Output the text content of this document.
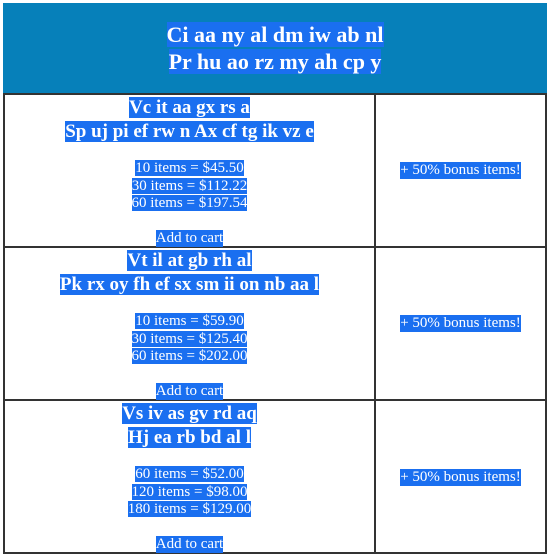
Ci aa ny al dm iw ab nl
Pr hu ao rz my ah cp y
Vc it aa gx rs a
Sp uj pi ef rw n Ax cf tg ik vz e
10 items = $45.50
30 items = $112.22
60 items = $197.54
Add to cart
+ 50% bonus items!
Vt il at gb rh al
Pk rx oy fh ef sx sm ii on nb aa l
10 items = $59.90
30 items = $125.40
60 items = $202.00
Add to cart
+ 50% bonus items!
Vs iv as gv rd aq
Hj ea rb bd al l
60 items = $52.00
120 items = $98.00
180 items = $129.00
Add to cart
+ 50% bonus items!
